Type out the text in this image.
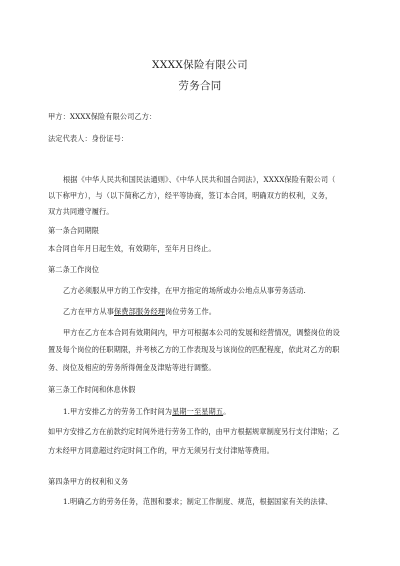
XXXX保险有限公司
劳务合同
甲方：XXXX保险有限公司乙方：
法定代表人：身份证号：
根据《中华人民共和国民法通则》、《中华人民共和国合同法》，XXXX保险有限公司（
以下称甲方），与（以下简称乙方），经平等协商，签订本合同，明确双方的权利，义务，
双方共同遵守履行。
第一条合同期限
本合同自年月日起生效，有效期年，至年月日终止。
第二条工作岗位
乙方必须服从甲方的工作安排，在甲方指定的场所或办公地点从事劳务活动.
乙方在甲方从事保费部服务经理岗位劳务工作。
甲方在乙方在本合同有效期间内，甲方可根据本公司的发展和经营情况，调整岗位的设
置及每个岗位的任职期限，并考核乙方的工作表现及与该岗位的匹配程度，依此对乙方的职
务、岗位及相应的劳务所得佣金及津贴等进行调整。
第三条工作时间和休息休假
1.甲方安排乙方的劳务工作时间为星期一至星期五。
如甲方安排乙方在前款约定时间外进行劳务工作的，由甲方根据规章制度另行支付津贴；乙
方未经甲方同意超过约定时间工作的，甲方无须另行支付津贴等费用。
第四条甲方的权利和义务
1.明确乙方的劳务任务，范围和要求；制定工作制度、规范，根据国家有关的法律、
